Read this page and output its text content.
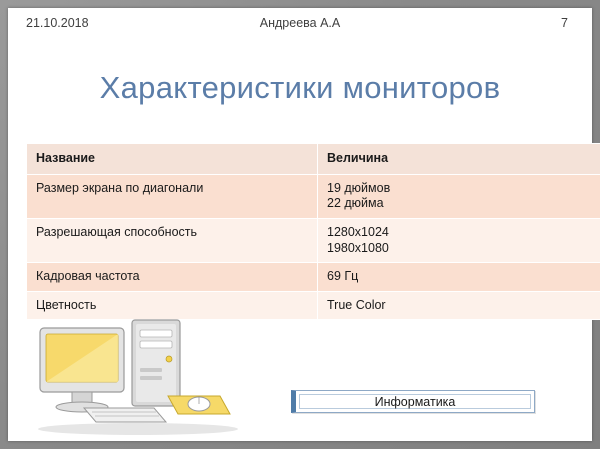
21.10.2018	Андреева А.А	7
Характеристики мониторов
Название	Величина
Размер экрана по диагонали	19 дюймов
22 дюйма

Разрешающая способность	1280x1024
1980x1080

Кадровая частота	69 Гц

Цветность	True Color
Информатика
